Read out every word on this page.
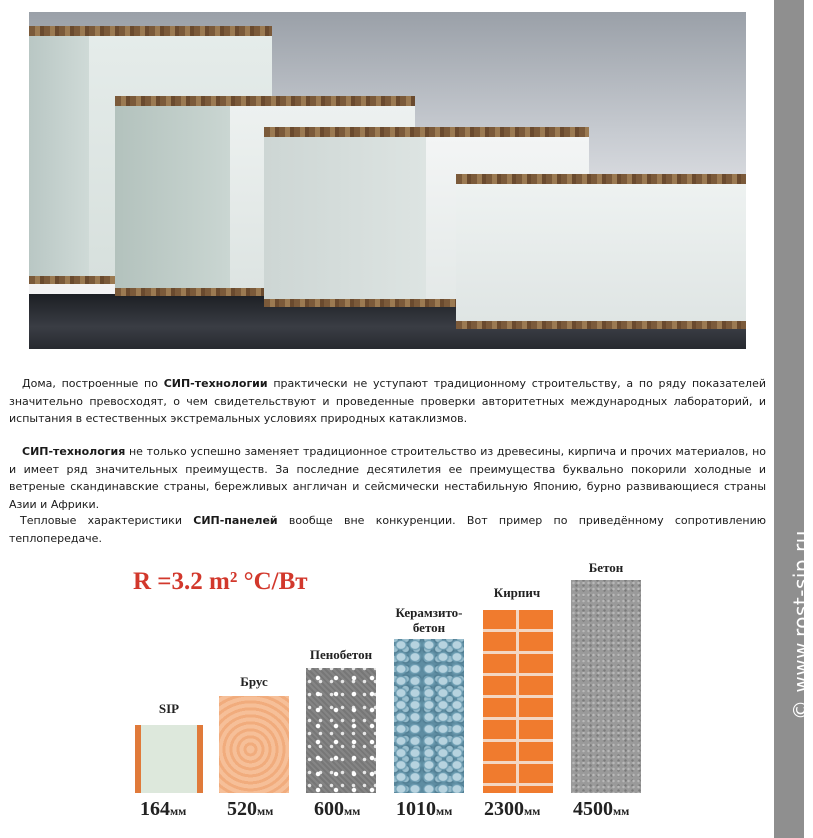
© www.rost-sip.ru
Дома, построенные по СИП-технологии практически не уступают традиционному строительству, а по ряду показателей значительно превосходят, о чем свидетельствуют и проведенные проверки авторитетных международных лабораторий, и испытания в естественных экстремальных условиях природных катаклизмов.
СИП-технология не только успешно заменяет традиционное строительство из древесины, кирпича и прочих материалов, но и имеет ряд значительных преимуществ. За последние десятилетия ее преимущества буквально покорили холодные и ветреные скандинавские страны, бережливых англичан и сейсмически нестабильную Японию, бурно развивающиеся страны Азии и Африки.
Тепловые характеристики СИП-панелей вообще вне конкуренции. Вот пример по приведённому сопротивлению теплопередаче.
R =3.2 m² °C/Вт
SIP
Брус
Пенобетон
Керамзито-
бетон
Кирпич
Бетон
164мм 520мм 600мм 1010мм 2300мм 4500мм
